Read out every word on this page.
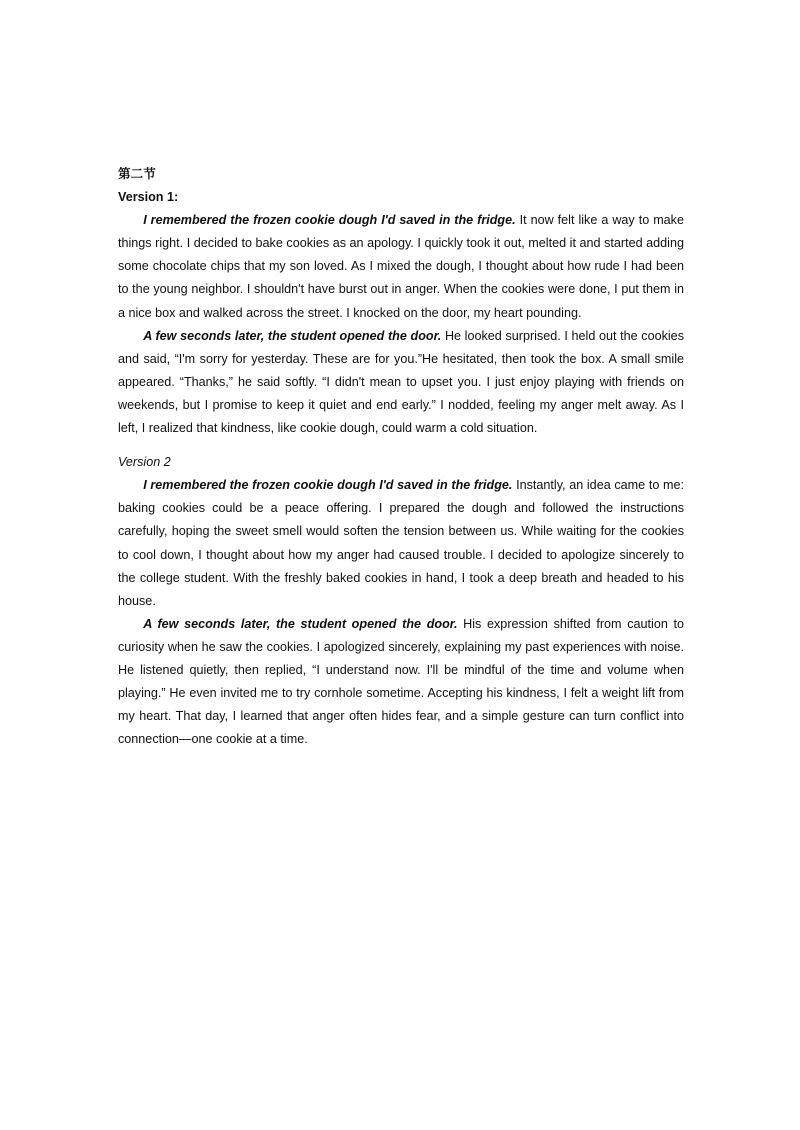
第二节

Version 1:

I remembered the frozen cookie dough I'd saved in the fridge. It now felt like a way to make things right. I decided to bake cookies as an apology. I quickly took it out, melted it and started adding some chocolate chips that my son loved. As I mixed the dough, I thought about how rude I had been to the young neighbor. I shouldn't have burst out in anger. When the cookies were done, I put them in a nice box and walked across the street. I knocked on the door, my heart pounding.

A few seconds later, the student opened the door. He looked surprised. I held out the cookies and said, “I'm sorry for yesterday. These are for you.”He hesitated, then took the box. A small smile appeared. “Thanks,” he said softly. “I didn't mean to upset you. I just enjoy playing with friends on weekends, but I promise to keep it quiet and end early.” I nodded, feeling my anger melt away. As I left, I realized that kindness, like cookie dough, could warm a cold situation.

Version 2

I remembered the frozen cookie dough I'd saved in the fridge. Instantly, an idea came to me: baking cookies could be a peace offering. I prepared the dough and followed the instructions carefully, hoping the sweet smell would soften the tension between us. While waiting for the cookies to cool down, I thought about how my anger had caused trouble. I decided to apologize sincerely to the college student. With the freshly baked cookies in hand, I took a deep breath and headed to his house.

A few seconds later, the student opened the door. His expression shifted from caution to curiosity when he saw the cookies. I apologized sincerely, explaining my past experiences with noise. He listened quietly, then replied, “I understand now. I'll be mindful of the time and volume when playing.” He even invited me to try cornhole sometime. Accepting his kindness, I felt a weight lift from my heart. That day, I learned that anger often hides fear, and a simple gesture can turn conflict into connection—one cookie at a time.
